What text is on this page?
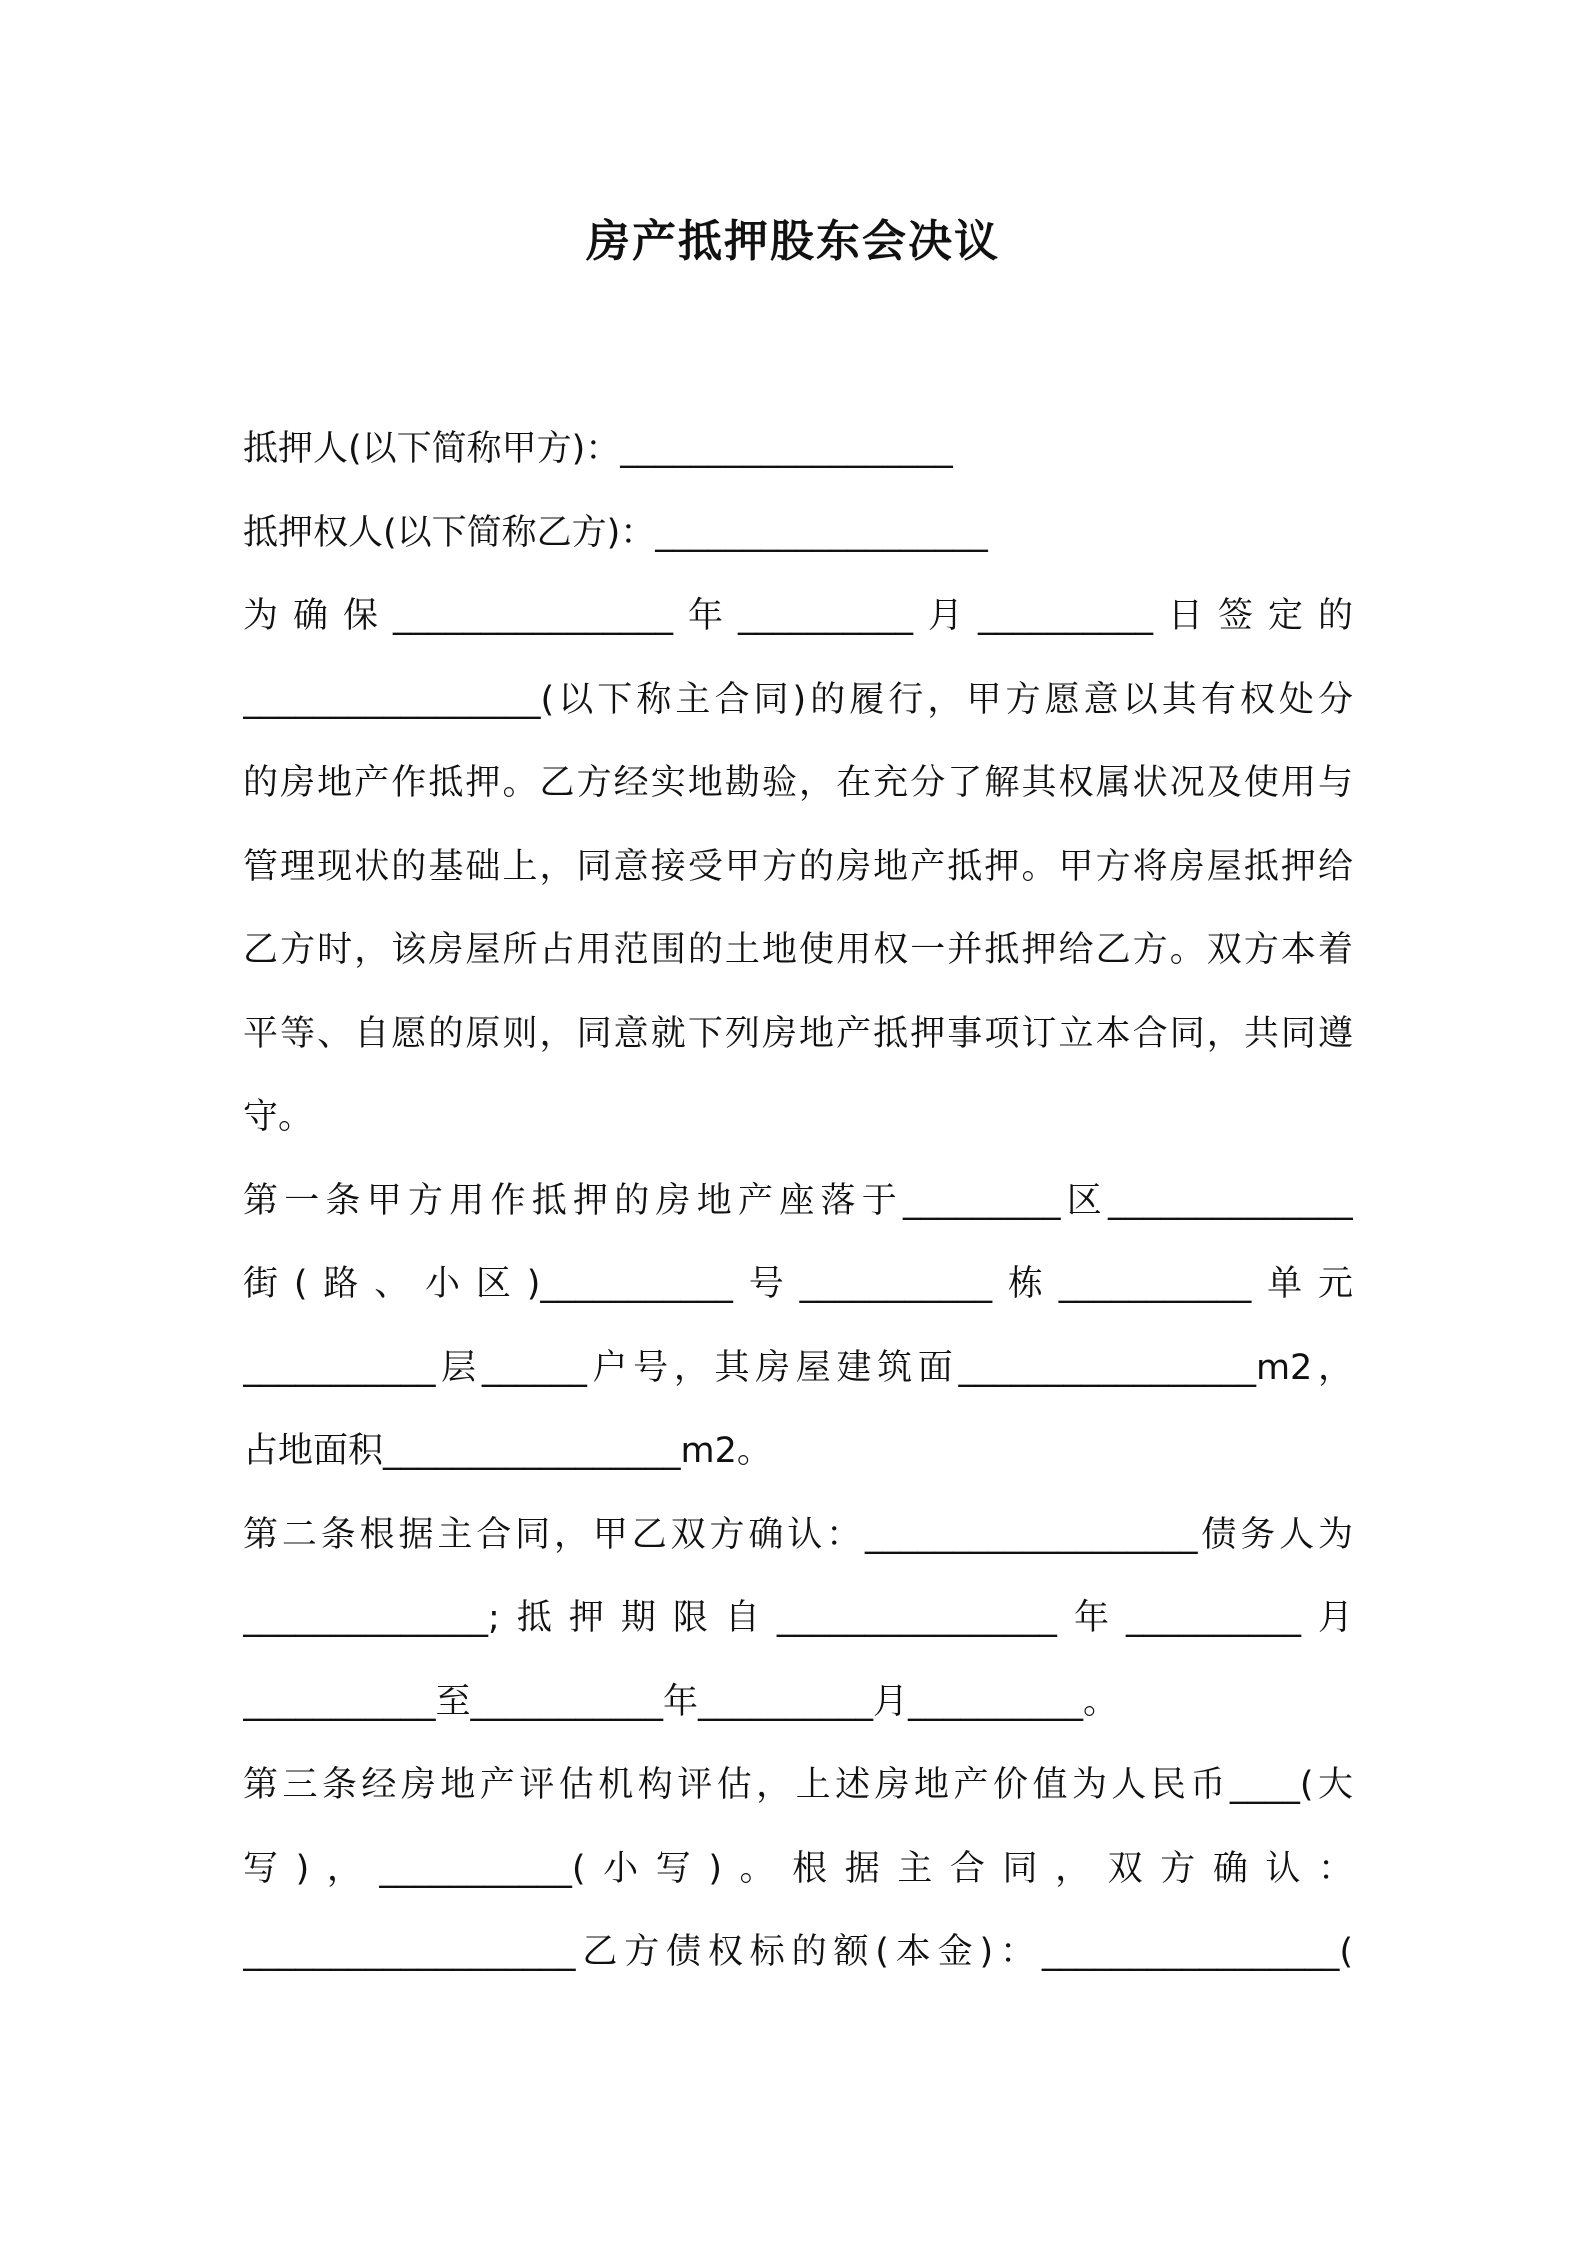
房产抵押股东会决议
抵押人(以下简称甲方)：___________________
抵押权人(以下简称乙方)：___________________
为确保________________年__________月__________日签定的
_________________(以下称主合同)的履行，甲方愿意以其有权处分
的房地产作抵押。乙方经实地勘验，在充分了解其权属状况及使用与
管理现状的基础上，同意接受甲方的房地产抵押。甲方将房屋抵押给
乙方时，该房屋所占用范围的土地使用权一并抵押给乙方。双方本着
平等、自愿的原则，同意就下列房地产抵押事项订立本合同，共同遵
守。
第一条甲方用作抵押的房地产座落于_________区______________
街(路、小区)___________号___________栋___________单元
___________层______户号，其房屋建筑面_________________m2，
占地面积_________________m2。
第二条根据主合同，甲乙双方确认：___________________债务人为
______________;抵押期限自________________年__________月
___________至___________年__________月__________。
第三条经房地产评估机构评估，上述房地产价值为人民币____(大
写)，___________(小写)。根据主合同，双方确认：
___________________乙方债权标的额(本金)：_________________(
